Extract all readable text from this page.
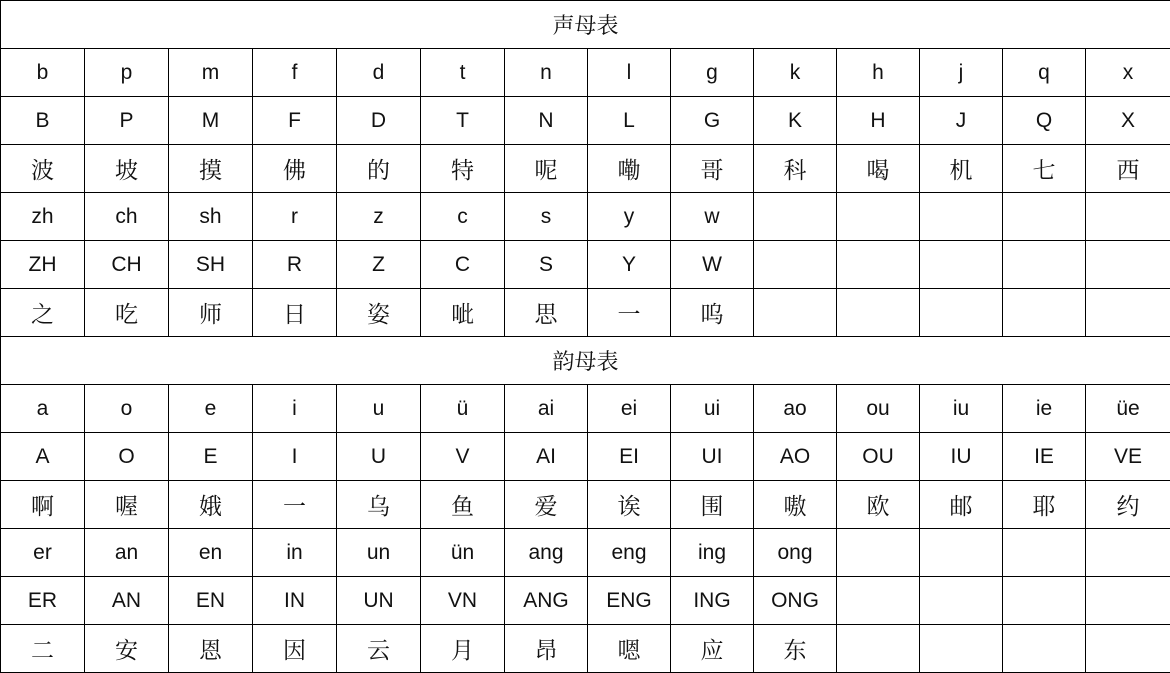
声母表													
b	p	m	f	d	t	n	l	g	k	h	j	q	x
B	P	M	F	D	T	N	L	G	K	H	J	Q	X
波	坡	摸	佛	的	特	呢	嘞	哥	科	喝	机	七	西
zh	ch	sh	r	z	c	s	y	w					
ZH	CH	SH	R	Z	C	S	Y	W					
之	吃	师	日	姿	呲	思	一	呜					
韵母表													
a	o	e	i	u	ü	ai	ei	ui	ao	ou	iu	ie	üe
A	O	E	I	U	V	AI	EI	UI	AO	OU	IU	IE	VE
啊	喔	娥	一	乌	鱼	爱	诶	围	嗷	欧	邮	耶	约
er	an	en	in	un	ün	ang	eng	ing	ong				
ER	AN	EN	IN	UN	VN	ANG	ENG	ING	ONG				
二	安	恩	因	云	月	昂	嗯	应	东				
